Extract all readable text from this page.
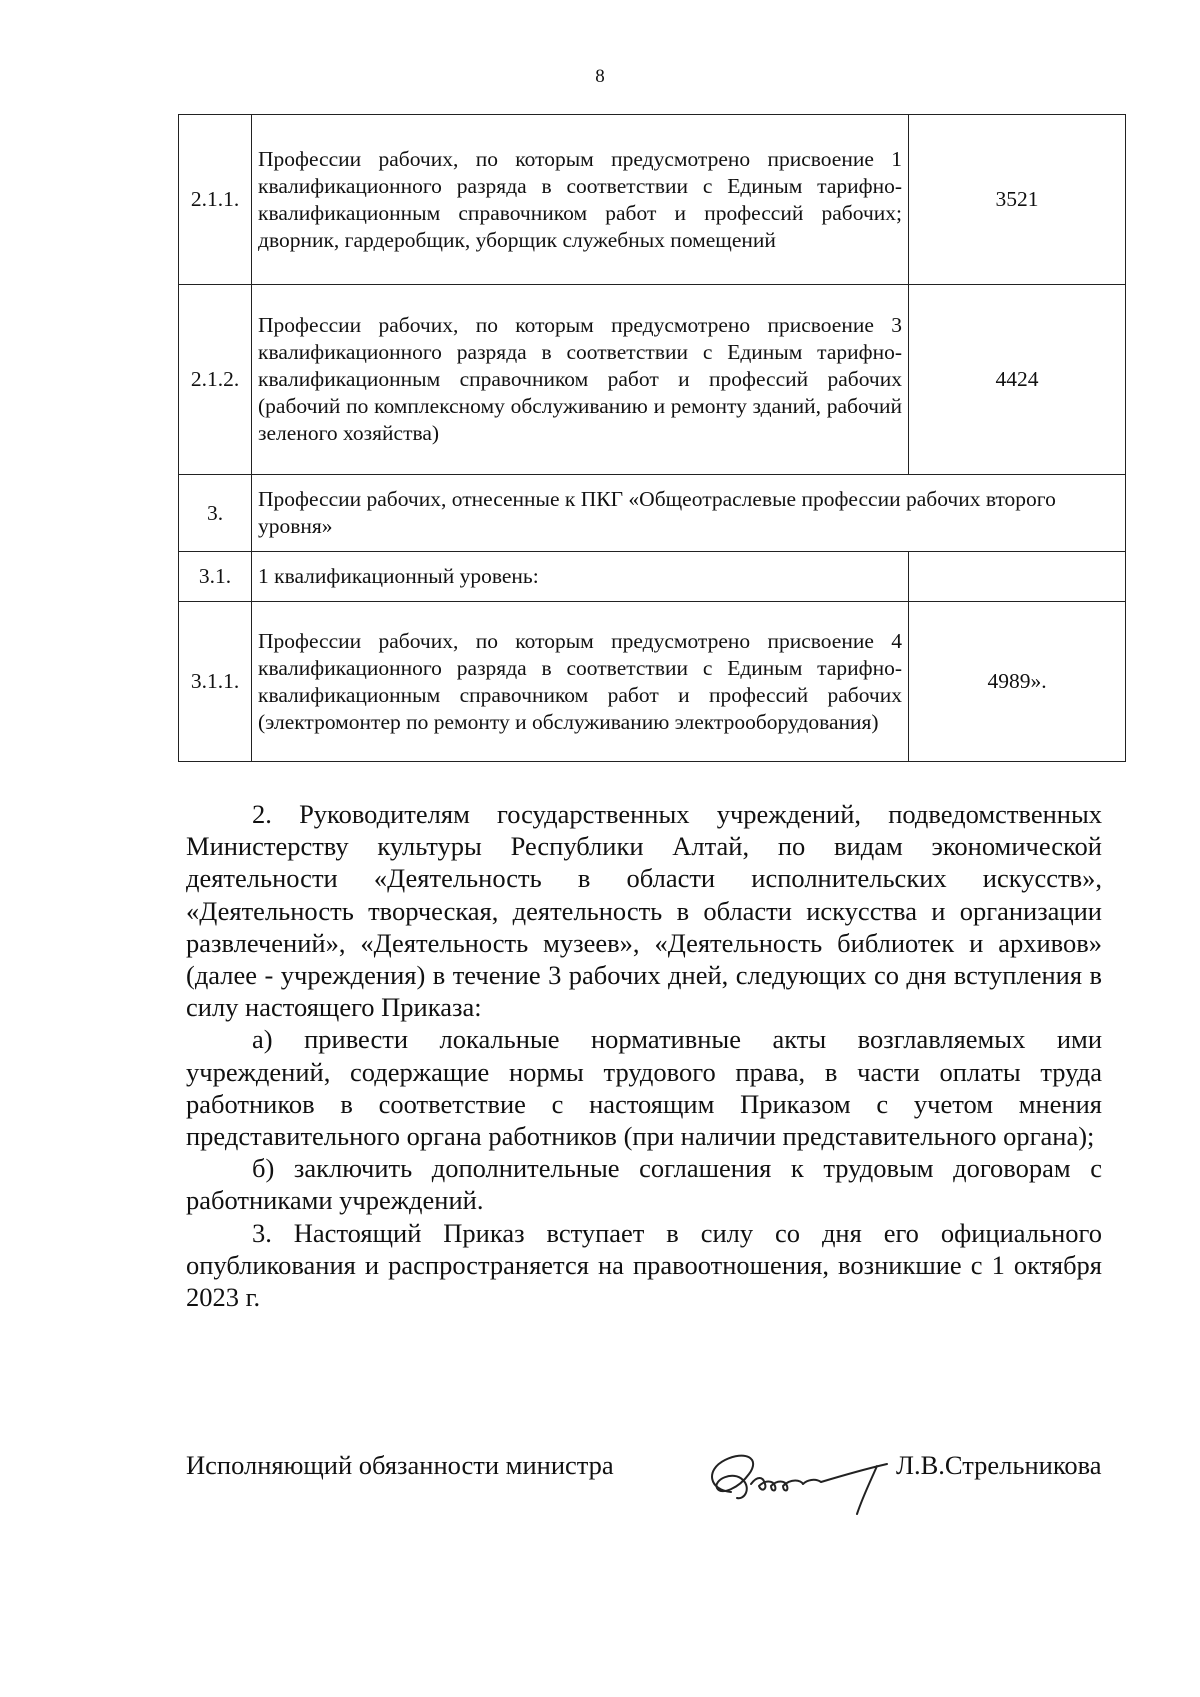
8
2.1.1.	Профессии рабочих, по которым предусмотрено присвоение 1 квалификационного разряда в соответствии с Единым тарифно-квалификационным справочником работ и профессий рабочих; дворник, гардеробщик, уборщик служебных помещений	3521
2.1.2.	Профессии рабочих, по которым предусмотрено присвоение 3 квалификационного разряда в соответствии с Единым тарифно-квалификационным справочником работ и профессий рабочих (рабочий по комплексному обслуживанию и ремонту зданий, рабочий зеленого хозяйства)	4424
3.	Профессии рабочих, отнесенные к ПКГ «Общеотраслевые профессии рабочих второго уровня»	
3.1.	1 квалификационный уровень:	
3.1.1.	Профессии рабочих, по которым предусмотрено присвоение 4 квалификационного разряда в соответствии с Единым тарифно-квалификационным справочником работ и профессий рабочих (электромонтер по ремонту и обслуживанию электрооборудования)	4989».

2. Руководителям государственных учреждений, подведомственных Министерству культуры Республики Алтай, по видам экономической деятельности «Деятельность в области исполнительских искусств», «Деятельность творческая, деятельность в области искусства и организации развлечений», «Деятельность музеев», «Деятельность библиотек и архивов» (далее - учреждения) в течение 3 рабочих дней, следующих со дня вступления в силу настоящего Приказа:

а) привести локальные нормативные акты возглавляемых ими учреждений, содержащие нормы трудового права, в части оплаты труда работников в соответствие с настоящим Приказом с учетом мнения представительного органа работников (при наличии представительного органа);

б) заключить дополнительные соглашения к трудовым договорам с работниками учреждений.

3. Настоящий Приказ вступает в силу со дня его официального опубликования и распространяется на правоотношения, возникшие с 1 октября 2023 г.

Исполняющий обязанности министра	Л.В.Стрельникова
